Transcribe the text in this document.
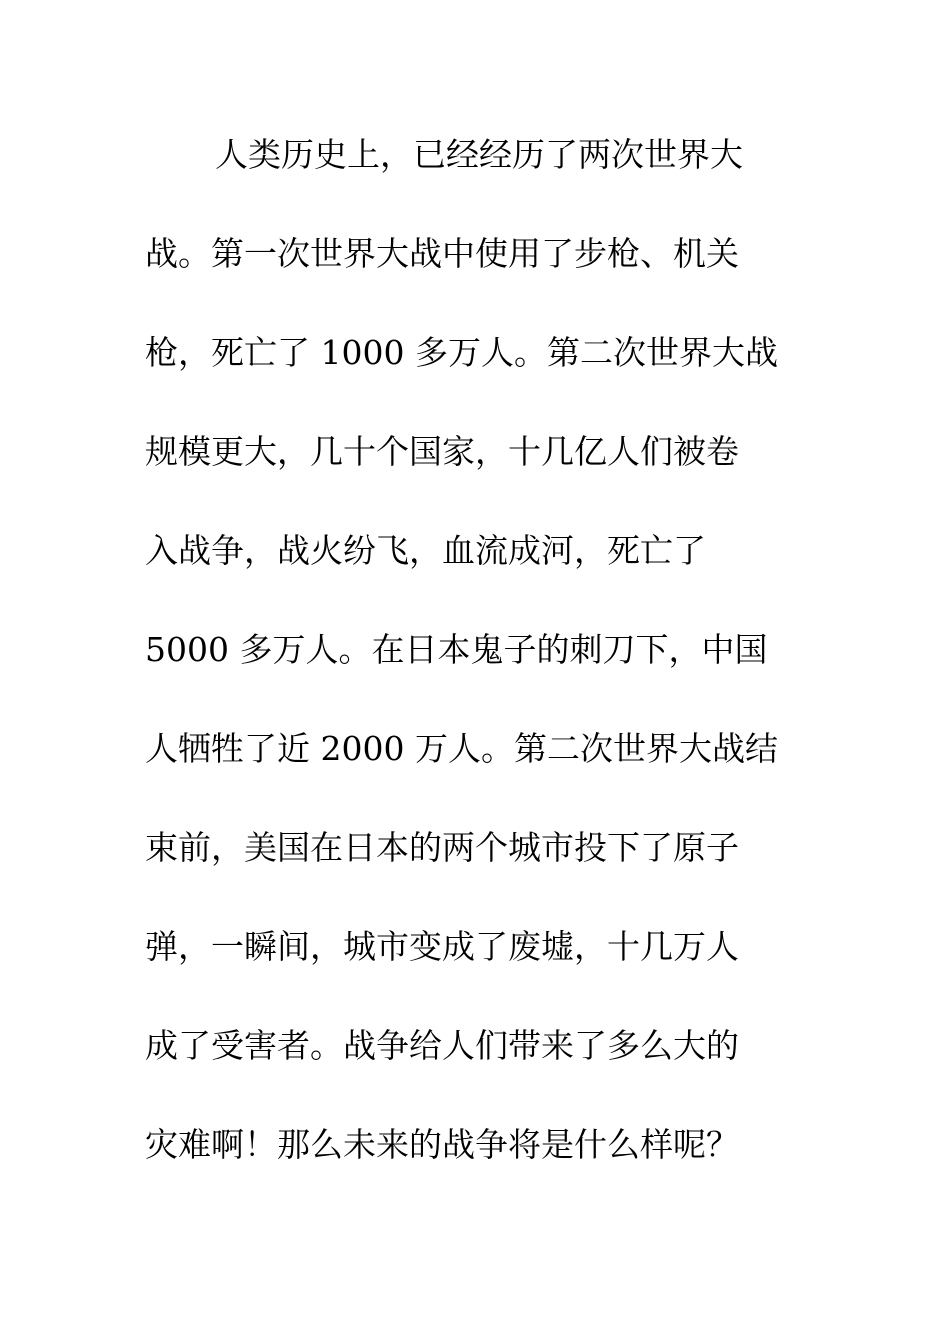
人类历史上，已经经历了两次世界大
战。第一次世界大战中使用了步枪、机关
枪，死亡了 1000 多万人。第二次世界大战
规模更大，几十个国家，十几亿人们被卷
入战争，战火纷飞，血流成河，死亡了
5000 多万人。在日本鬼子的刺刀下，中国
人牺牲了近 2000 万人。第二次世界大战结
束前，美国在日本的两个城市投下了原子
弹，一瞬间，城市变成了废墟，十几万人
成了受害者。战争给人们带来了多么大的
灾难啊！那么未来的战争将是什么样呢？
